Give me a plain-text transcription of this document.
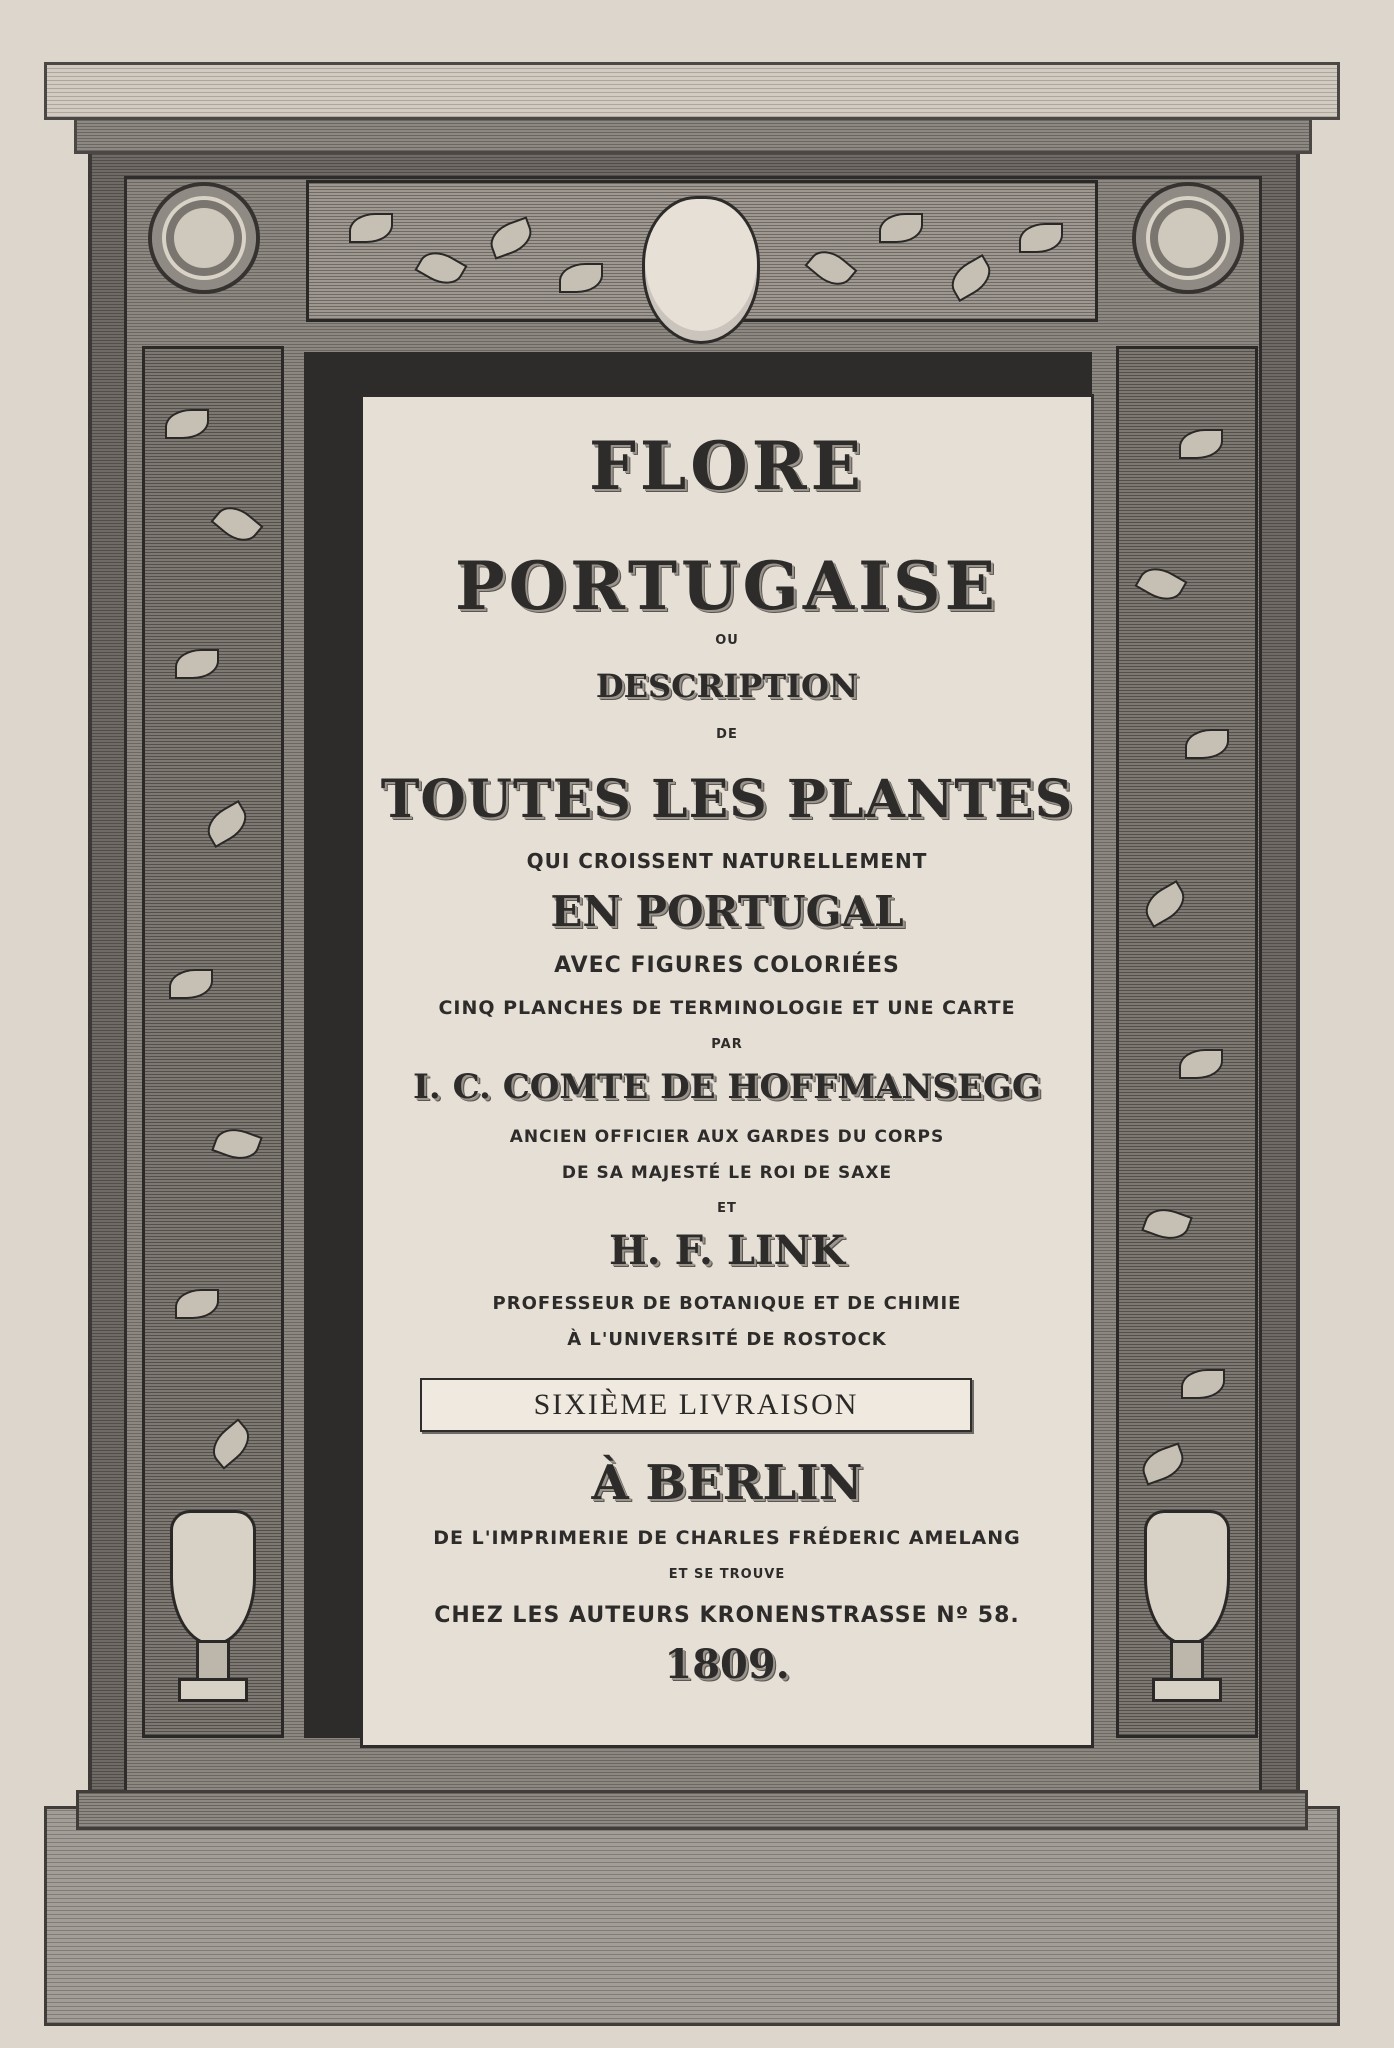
FLORE
PORTUGAISE
OU
DESCRIPTION
DE
TOUTES LES PLANTES
QUI CROISSENT NATURELLEMENT
EN PORTUGAL
AVEC FIGURES COLORIÉES
CINQ PLANCHES DE TERMINOLOGIE ET UNE CARTE
PAR
I. C. COMTE DE HOFFMANSEGG
ANCIEN OFFICIER AUX GARDES DU CORPS
DE SA MAJESTÉ LE ROI DE SAXE
ET
H. F. LINK
PROFESSEUR DE BOTANIQUE ET DE CHIMIE
À L'UNIVERSITÉ DE ROSTOCK
À BERLIN
DE L'IMPRIMERIE DE CHARLES FRÉDERIC AMELANG
ET SE TROUVE
CHEZ LES AUTEURS KRONENSTRASSE Nº 58.
1809.
SIXIÈME LIVRAISON
